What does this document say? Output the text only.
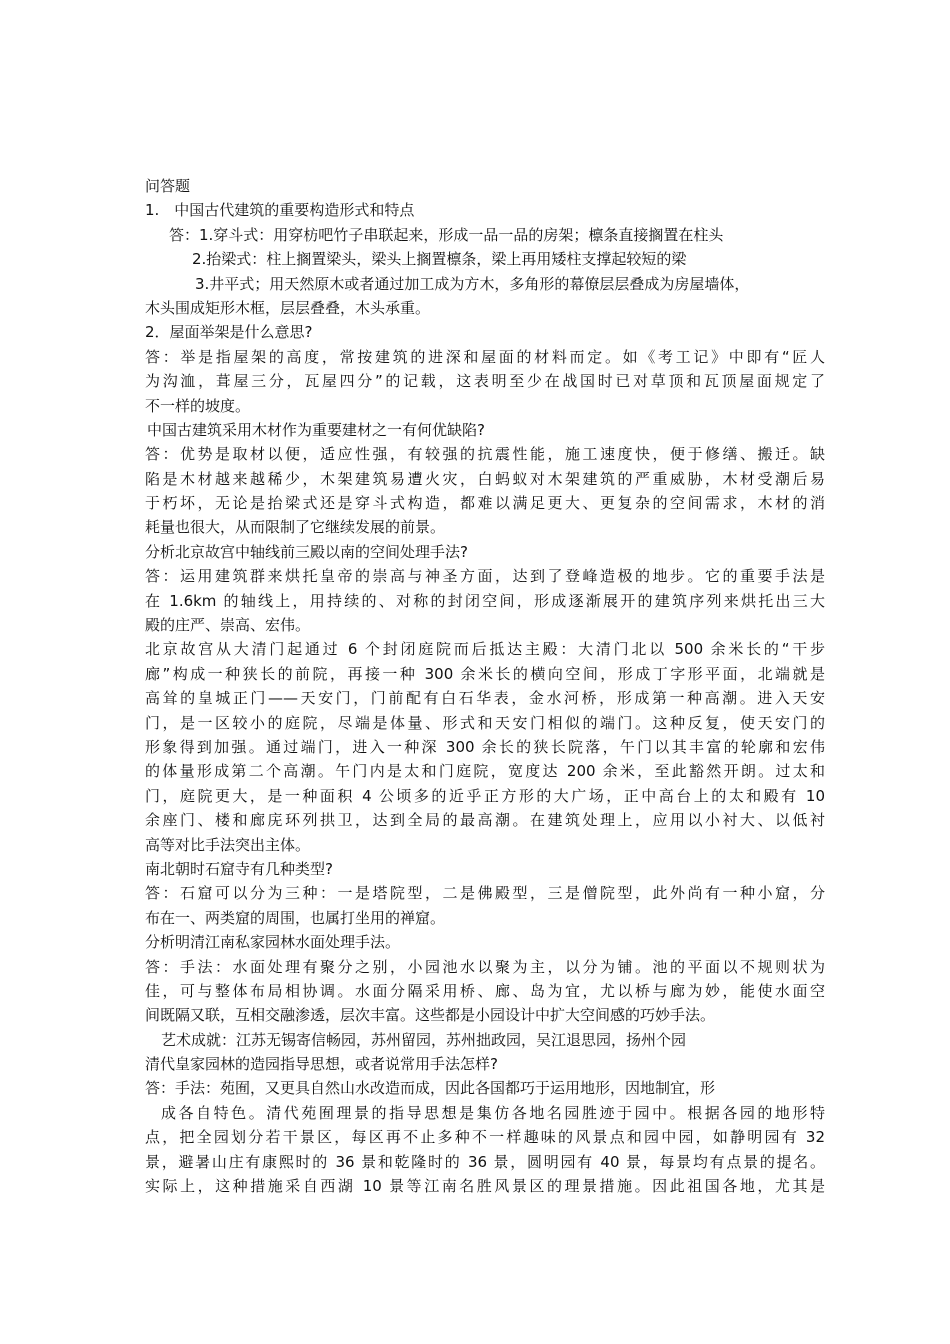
问答题
1.　中国古代建筑的重要构造形式和特点
答：1.穿斗式：用穿枋吧竹子串联起来，形成一品一品的房架；檩条直接搁置在柱头
2.抬梁式：柱上搁置梁头，梁头上搁置檩条，梁上再用矮柱支撑起较短的梁
3.井平式；用天然原木或者通过加工成为方木，多角形的幕僚层层叠成为房屋墙体，
木头围成矩形木框，层层叠叠，木头承重。
2．屋面举架是什么意思?
答：举是指屋架的高度，常按建筑的进深和屋面的材料而定。如《考工记》中即有“匠人
为沟洫，葺屋三分，瓦屋四分”的记载，这表明至少在战国时已对草顶和瓦顶屋面规定了
不一样的坡度。
中国古建筑采用木材作为重要建材之一有何优缺陷?
答：优势是取材以便，适应性强，有较强的抗震性能，施工速度快，便于修缮、搬迁。缺
陷是木材越来越稀少，木架建筑易遭火灾，白蚂蚁对木架建筑的严重威胁，木材受潮后易
于朽坏，无论是抬梁式还是穿斗式构造，都难以满足更大、更复杂的空间需求，木材的消
耗量也很大，从而限制了它继续发展的前景。
分析北京故宫中轴线前三殿以南的空间处理手法?
答：运用建筑群来烘托皇帝的崇高与神圣方面，达到了登峰造极的地步。它的重要手法是
在 1.6km 的轴线上，用持续的、对称的封闭空间，形成逐渐展开的建筑序列来烘托出三大
殿的庄严、崇高、宏伟。
北京故宫从大清门起通过 6 个封闭庭院而后抵达主殿：大清门北以 500 余米长的“干步
廊”构成一种狭长的前院，再接一种 300 余米长的横向空间，形成丁字形平面，北端就是
高耸的皇城正门——天安门，门前配有白石华表，金水河桥，形成第一种高潮。进入天安
门，是一区较小的庭院，尽端是体量、形式和天安门相似的端门。这种反复，使天安门的
形象得到加强。通过端门，进入一种深 300 余长的狭长院落，午门以其丰富的轮廓和宏伟
的体量形成第二个高潮。午门内是太和门庭院，宽度达 200 余米，至此豁然开朗。过太和
门，庭院更大，是一种面积 4 公顷多的近乎正方形的大广场，正中高台上的太和殿有 10
余座门、楼和廊庑环列拱卫，达到全局的最高潮。在建筑处理上，应用以小衬大、以低衬
高等对比手法突出主体。
南北朝时石窟寺有几种类型?
答：石窟可以分为三种：一是塔院型，二是佛殿型，三是僧院型，此外尚有一种小窟，分
布在一、两类窟的周围，也属打坐用的禅窟。
分析明清江南私家园林水面处理手法。
答：手法：水面处理有聚分之别，小园池水以聚为主，以分为铺。池的平面以不规则状为
佳，可与整体布局相协调。水面分隔采用桥、廊、岛为宜，尤以桥与廊为妙，能使水面空
间既隔又联，互相交融渗透，层次丰富。这些都是小园设计中扩大空间感的巧妙手法。
艺术成就：江苏无锡寄信畅园，苏州留园，苏州拙政园，吴江退思园，扬州个园
清代皇家园林的造园指导思想，或者说常用手法怎样?
答：手法：苑囿，又更具自然山水改造而成，因此各国都巧于运用地形，因地制宜，形
成各自特色。清代苑囿理景的指导思想是集仿各地名园胜迹于园中。根据各园的地形特
点，把全园划分若干景区，每区再不止多种不一样趣味的风景点和园中园，如静明园有 32
景，避暑山庄有康熙时的 36 景和乾隆时的 36 景，圆明园有 40 景，每景均有点景的提名。
实际上，这种措施采自西湖 10 景等江南名胜风景区的理景措施。因此祖国各地，尤其是
